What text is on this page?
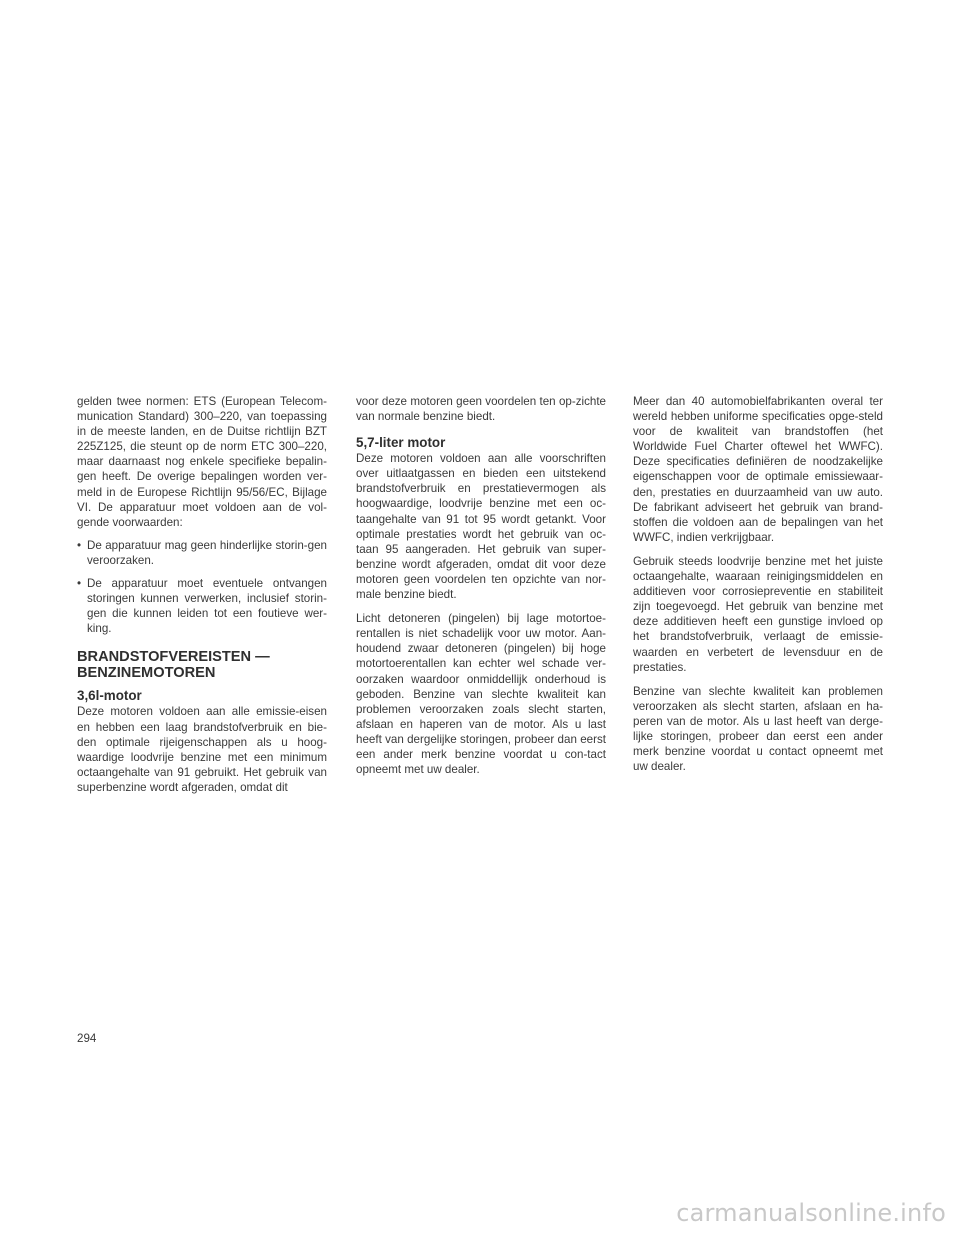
gelden twee normen: ETS (European Telecom-munication Standard) 300–220, van toepassing in de meeste landen, en de Duitse richtlijn BZT 225Z125, die steunt op de norm ETC 300–220, maar daarnaast nog enkele specifieke bepalin-gen heeft. De overige bepalingen worden ver-meld in de Europese Richtlijn 95/56/EC, Bijlage VI. De apparatuur moet voldoen aan de vol-gende voorwaarden:

• De apparatuur mag geen hinderlijke storin-gen veroorzaken.
• De apparatuur moet eventuele ontvangen storingen kunnen verwerken, inclusief storin-gen die kunnen leiden tot een foutieve wer-king.
BRANDSTOFVEREISTEN —
BENZINEMOTOREN
3,6l-motor

Deze motoren voldoen aan alle emissie-eisen en hebben een laag brandstofverbruik en bie-den optimale rijeigenschappen als u hoog-waardige loodvrije benzine met een minimum octaangehalte van 91 gebruikt. Het gebruik van superbenzine wordt afgeraden, omdat dit

voor deze motoren geen voordelen ten op-zichte van normale benzine biedt.

5,7-liter motor

Deze motoren voldoen aan alle voorschriften over uitlaatgassen en bieden een uitstekend brandstofverbruik en prestatievermogen als hoogwaardige, loodvrije benzine met een oc-taangehalte van 91 tot 95 wordt getankt. Voor optimale prestaties wordt het gebruik van oc-taan 95 aangeraden. Het gebruik van super-benzine wordt afgeraden, omdat dit voor deze motoren geen voordelen ten opzichte van nor-male benzine biedt.

Licht detoneren (pingelen) bij lage motortoe-rentallen is niet schadelijk voor uw motor. Aan-houdend zwaar detoneren (pingelen) bij hoge motortoerentallen kan echter wel schade ver-oorzaken waardoor onmiddellijk onderhoud is geboden. Benzine van slechte kwaliteit kan problemen veroorzaken zoals slecht starten, afslaan en haperen van de motor. Als u last heeft van dergelijke storingen, probeer dan eerst een ander merk benzine voordat u con-tact opneemt met uw dealer.

Meer dan 40 automobielfabrikanten overal ter wereld hebben uniforme specificaties opge-steld voor de kwaliteit van brandstoffen (het Worldwide Fuel Charter oftewel het WWFC). Deze specificaties definiëren de noodzakelijke eigenschappen voor de optimale emissiewaar-den, prestaties en duurzaamheid van uw auto. De fabrikant adviseert het gebruik van brand-stoffen die voldoen aan de bepalingen van het WWFC, indien verkrijgbaar.

Gebruik steeds loodvrije benzine met het juiste octaangehalte, waaraan reinigingsmiddelen en additieven voor corrosiepreventie en stabiliteit zijn toegevoegd. Het gebruik van benzine met deze additieven heeft een gunstige invloed op het brandstofverbruik, verlaagt de emissie-waarden en verbetert de levensduur en de prestaties.

Benzine van slechte kwaliteit kan problemen veroorzaken als slecht starten, afslaan en ha-peren van de motor. Als u last heeft van derge-lijke storingen, probeer dan eerst een ander merk benzine voordat u contact opneemt met uw dealer.

294
carmanualsonline.info
